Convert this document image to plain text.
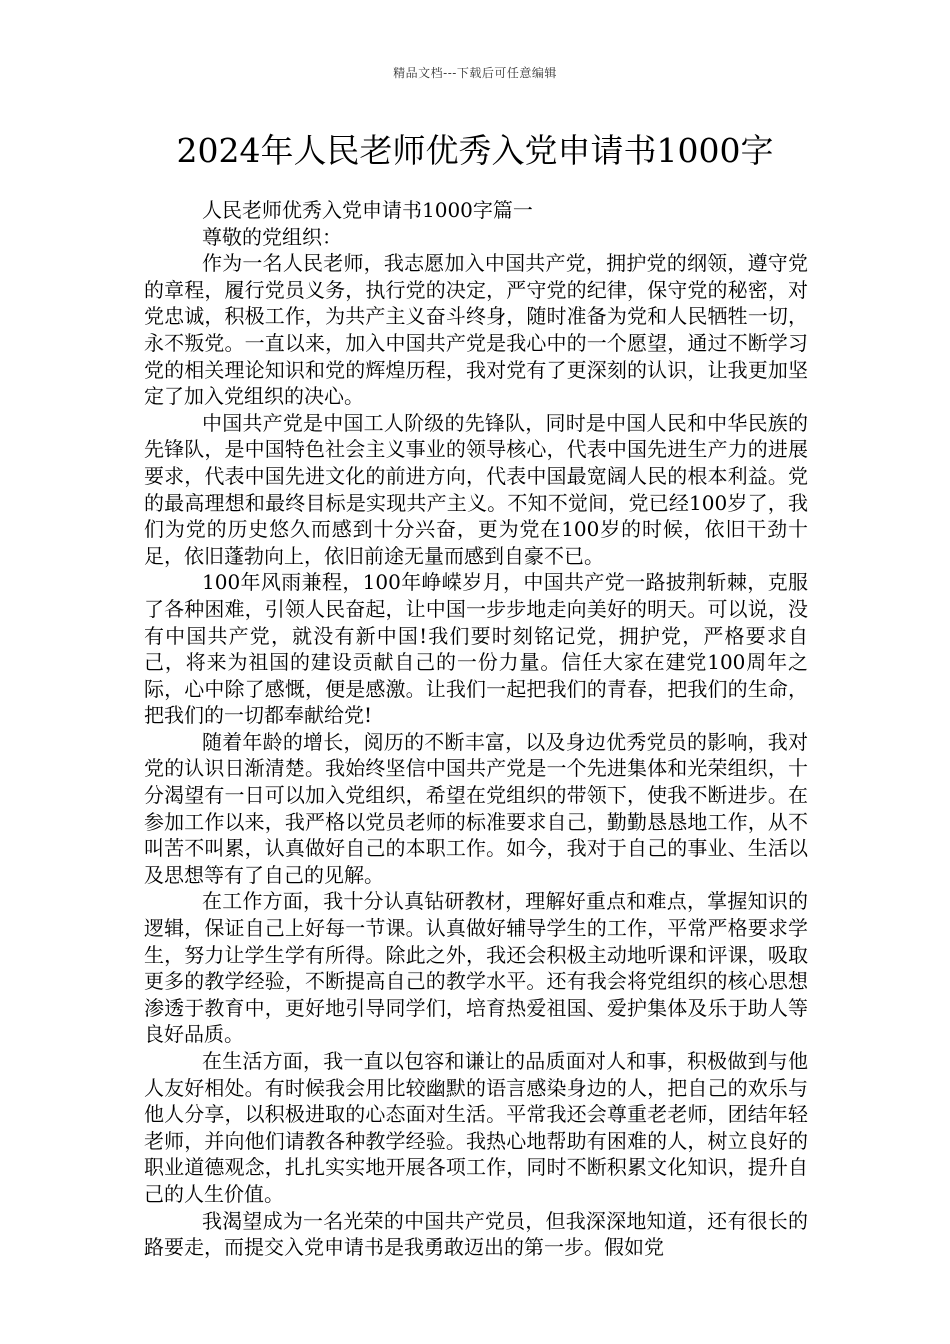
精品文档---下载后可任意编辑
2024年人民老师优秀入党申请书1000字

人民老师优秀入党申请书1000字篇一

尊敬的党组织：

作为一名人民老师，我志愿加入中国共产党，拥护党的纲领，遵守党的章程，履行党员义务，执行党的决定，严守党的纪律，保守党的秘密，对党忠诚，积极工作，为共产主义奋斗终身，随时准备为党和人民牺牲一切，永不叛党。一直以来，加入中国共产党是我心中的一个愿望，通过不断学习党的相关理论知识和党的辉煌历程，我对党有了更深刻的认识，让我更加坚定了加入党组织的决心。

中国共产党是中国工人阶级的先锋队，同时是中国人民和中华民族的先锋队，是中国特色社会主义事业的领导核心，代表中国先进生产力的进展要求，代表中国先进文化的前进方向，代表中国最宽阔人民的根本利益。党的最高理想和最终目标是实现共产主义。不知不觉间，党已经100岁了，我们为党的历史悠久而感到十分兴奋，更为党在100岁的时候，依旧干劲十足，依旧蓬勃向上，依旧前途无量而感到自豪不已。

100年风雨兼程，100年峥嵘岁月，中国共产党一路披荆斩棘，克服了各种困难，引领人民奋起，让中国一步步地走向美好的明天。可以说，没有中国共产党，就没有新中国!我们要时刻铭记党，拥护党，严格要求自己，将来为祖国的建设贡献自己的一份力量。信任大家在建党100周年之际，心中除了感慨，便是感激。让我们一起把我们的青春，把我们的生命，把我们的一切都奉献给党!

随着年龄的增长，阅历的不断丰富，以及身边优秀党员的影响，我对党的认识日渐清楚。我始终坚信中国共产党是一个先进集体和光荣组织，十分渴望有一日可以加入党组织，希望在党组织的带领下，使我不断进步。在参加工作以来，我严格以党员老师的标准要求自己，勤勤恳恳地工作，从不叫苦不叫累，认真做好自己的本职工作。如今，我对于自己的事业、生活以及思想等有了自己的见解。

在工作方面，我十分认真钻研教材，理解好重点和难点，掌握知识的逻辑，保证自己上好每一节课。认真做好辅导学生的工作，平常严格要求学生，努力让学生学有所得。除此之外，我还会积极主动地听课和评课，吸取更多的教学经验，不断提高自己的教学水平。还有我会将党组织的核心思想渗透于教育中，更好地引导同学们，培育热爱祖国、爱护集体及乐于助人等良好品质。

在生活方面，我一直以包容和谦让的品质面对人和事，积极做到与他人友好相处。有时候我会用比较幽默的语言感染身边的人，把自己的欢乐与他人分享，以积极进取的心态面对生活。平常我还会尊重老老师，团结年轻老师，并向他们请教各种教学经验。我热心地帮助有困难的人，树立良好的职业道德观念，扎扎实实地开展各项工作，同时不断积累文化知识，提升自己的人生价值。

我渴望成为一名光荣的中国共产党员，但我深深地知道，还有很长的路要走，而提交入党申请书是我勇敢迈出的第一步。假如党
